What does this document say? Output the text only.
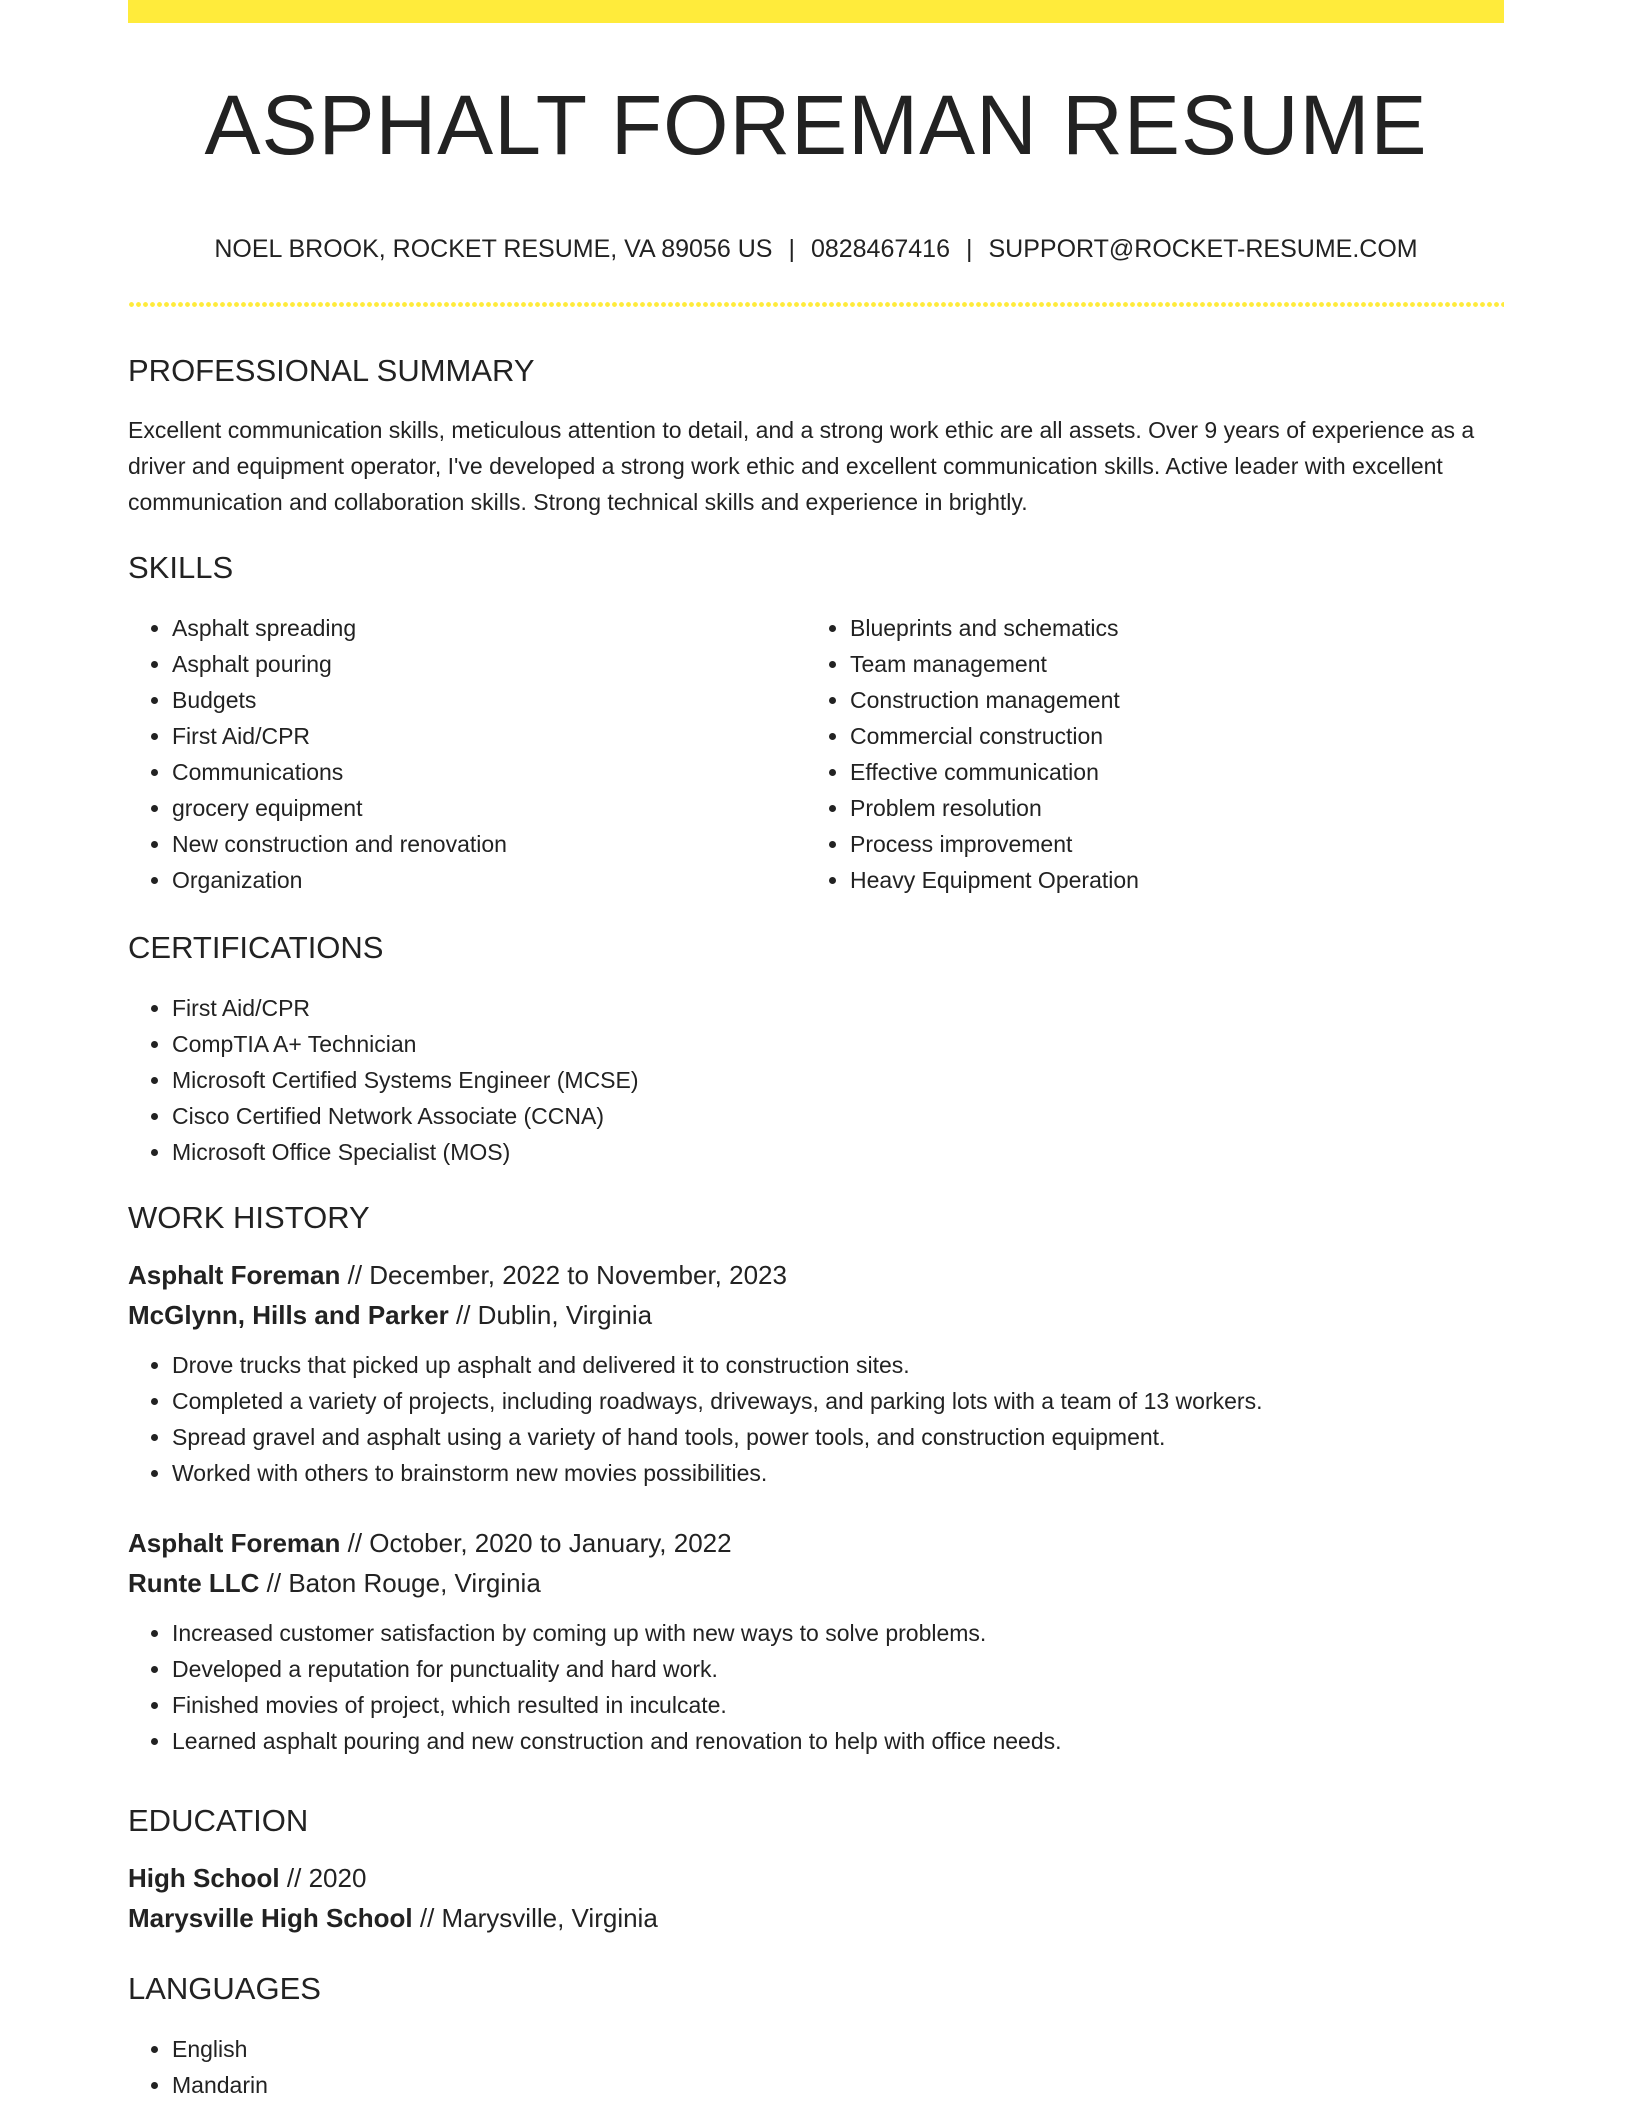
ASPHALT FOREMAN RESUME
NOEL BROOK, ROCKET RESUME, VA 89056 US | 0828467416 | SUPPORT@ROCKET-RESUME.COM
PROFESSIONAL SUMMARY

Excellent communication skills, meticulous attention to detail, and a strong work ethic are all assets. Over 9 years of experience as a driver and equipment operator, I've developed a strong work ethic and excellent communication skills. Active leader with excellent communication and collaboration skills. Strong technical skills and experience in brightly.

SKILLS
• Asphalt spreading
• Asphalt pouring
• Budgets
• First Aid/CPR
• Communications
• grocery equipment
• New construction and renovation
• Organization
• Blueprints and schematics
• Team management
• Construction management
• Commercial construction
• Effective communication
• Problem resolution
• Process improvement
• Heavy Equipment Operation
CERTIFICATIONS
• First Aid/CPR
• CompTIA A+ Technician
• Microsoft Certified Systems Engineer (MCSE)
• Cisco Certified Network Associate (CCNA)
• Microsoft Office Specialist (MOS)
WORK HISTORY
Asphalt Foreman // December, 2022 to November, 2023
McGlynn, Hills and Parker // Dublin, Virginia
• Drove trucks that picked up asphalt and delivered it to construction sites.
• Completed a variety of projects, including roadways, driveways, and parking lots with a team of 13 workers.
• Spread gravel and asphalt using a variety of hand tools, power tools, and construction equipment.
• Worked with others to brainstorm new movies possibilities.
Asphalt Foreman // October, 2020 to January, 2022
Runte LLC // Baton Rouge, Virginia
• Increased customer satisfaction by coming up with new ways to solve problems.
• Developed a reputation for punctuality and hard work.
• Finished movies of project, which resulted in inculcate.
• Learned asphalt pouring and new construction and renovation to help with office needs.
EDUCATION
High School // 2020
Marysville High School // Marysville, Virginia
LANGUAGES
• English
• Mandarin
